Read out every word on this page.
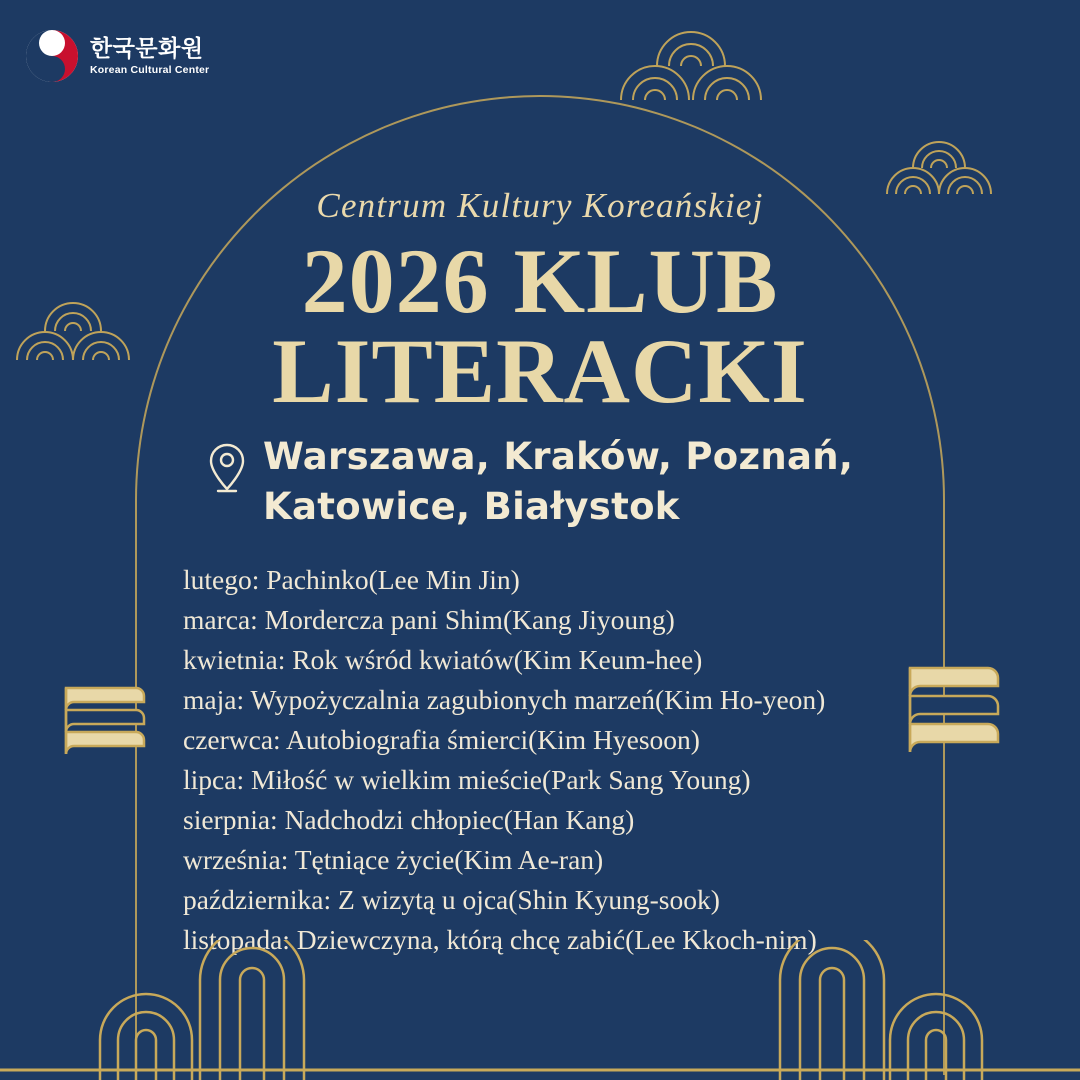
한국문화원
Korean Cultural Center
Centrum Kultury Koreańskiej
2026 KLUB
LITERACKI
Warszawa, Kraków, Poznań,
Katowice, Białystok
lutego: Pachinko(Lee Min Jin)
marca: Mordercza pani Shim(Kang Jiyoung)
kwietnia: Rok wśród kwiatów(Kim Keum-hee)
maja: Wypożyczalnia zagubionych marzeń(Kim Ho-yeon)
czerwca: Autobiografia śmierci(Kim Hyesoon)
lipca: Miłość w wielkim mieście(Park Sang Young)
sierpnia: Nadchodzi chłopiec(Han Kang)
września: Tętniące życie(Kim Ae-ran)
października: Z wizytą u ojca(Shin Kyung-sook)
listopada: Dziewczyna, którą chcę zabić(Lee Kkoch-nim)
